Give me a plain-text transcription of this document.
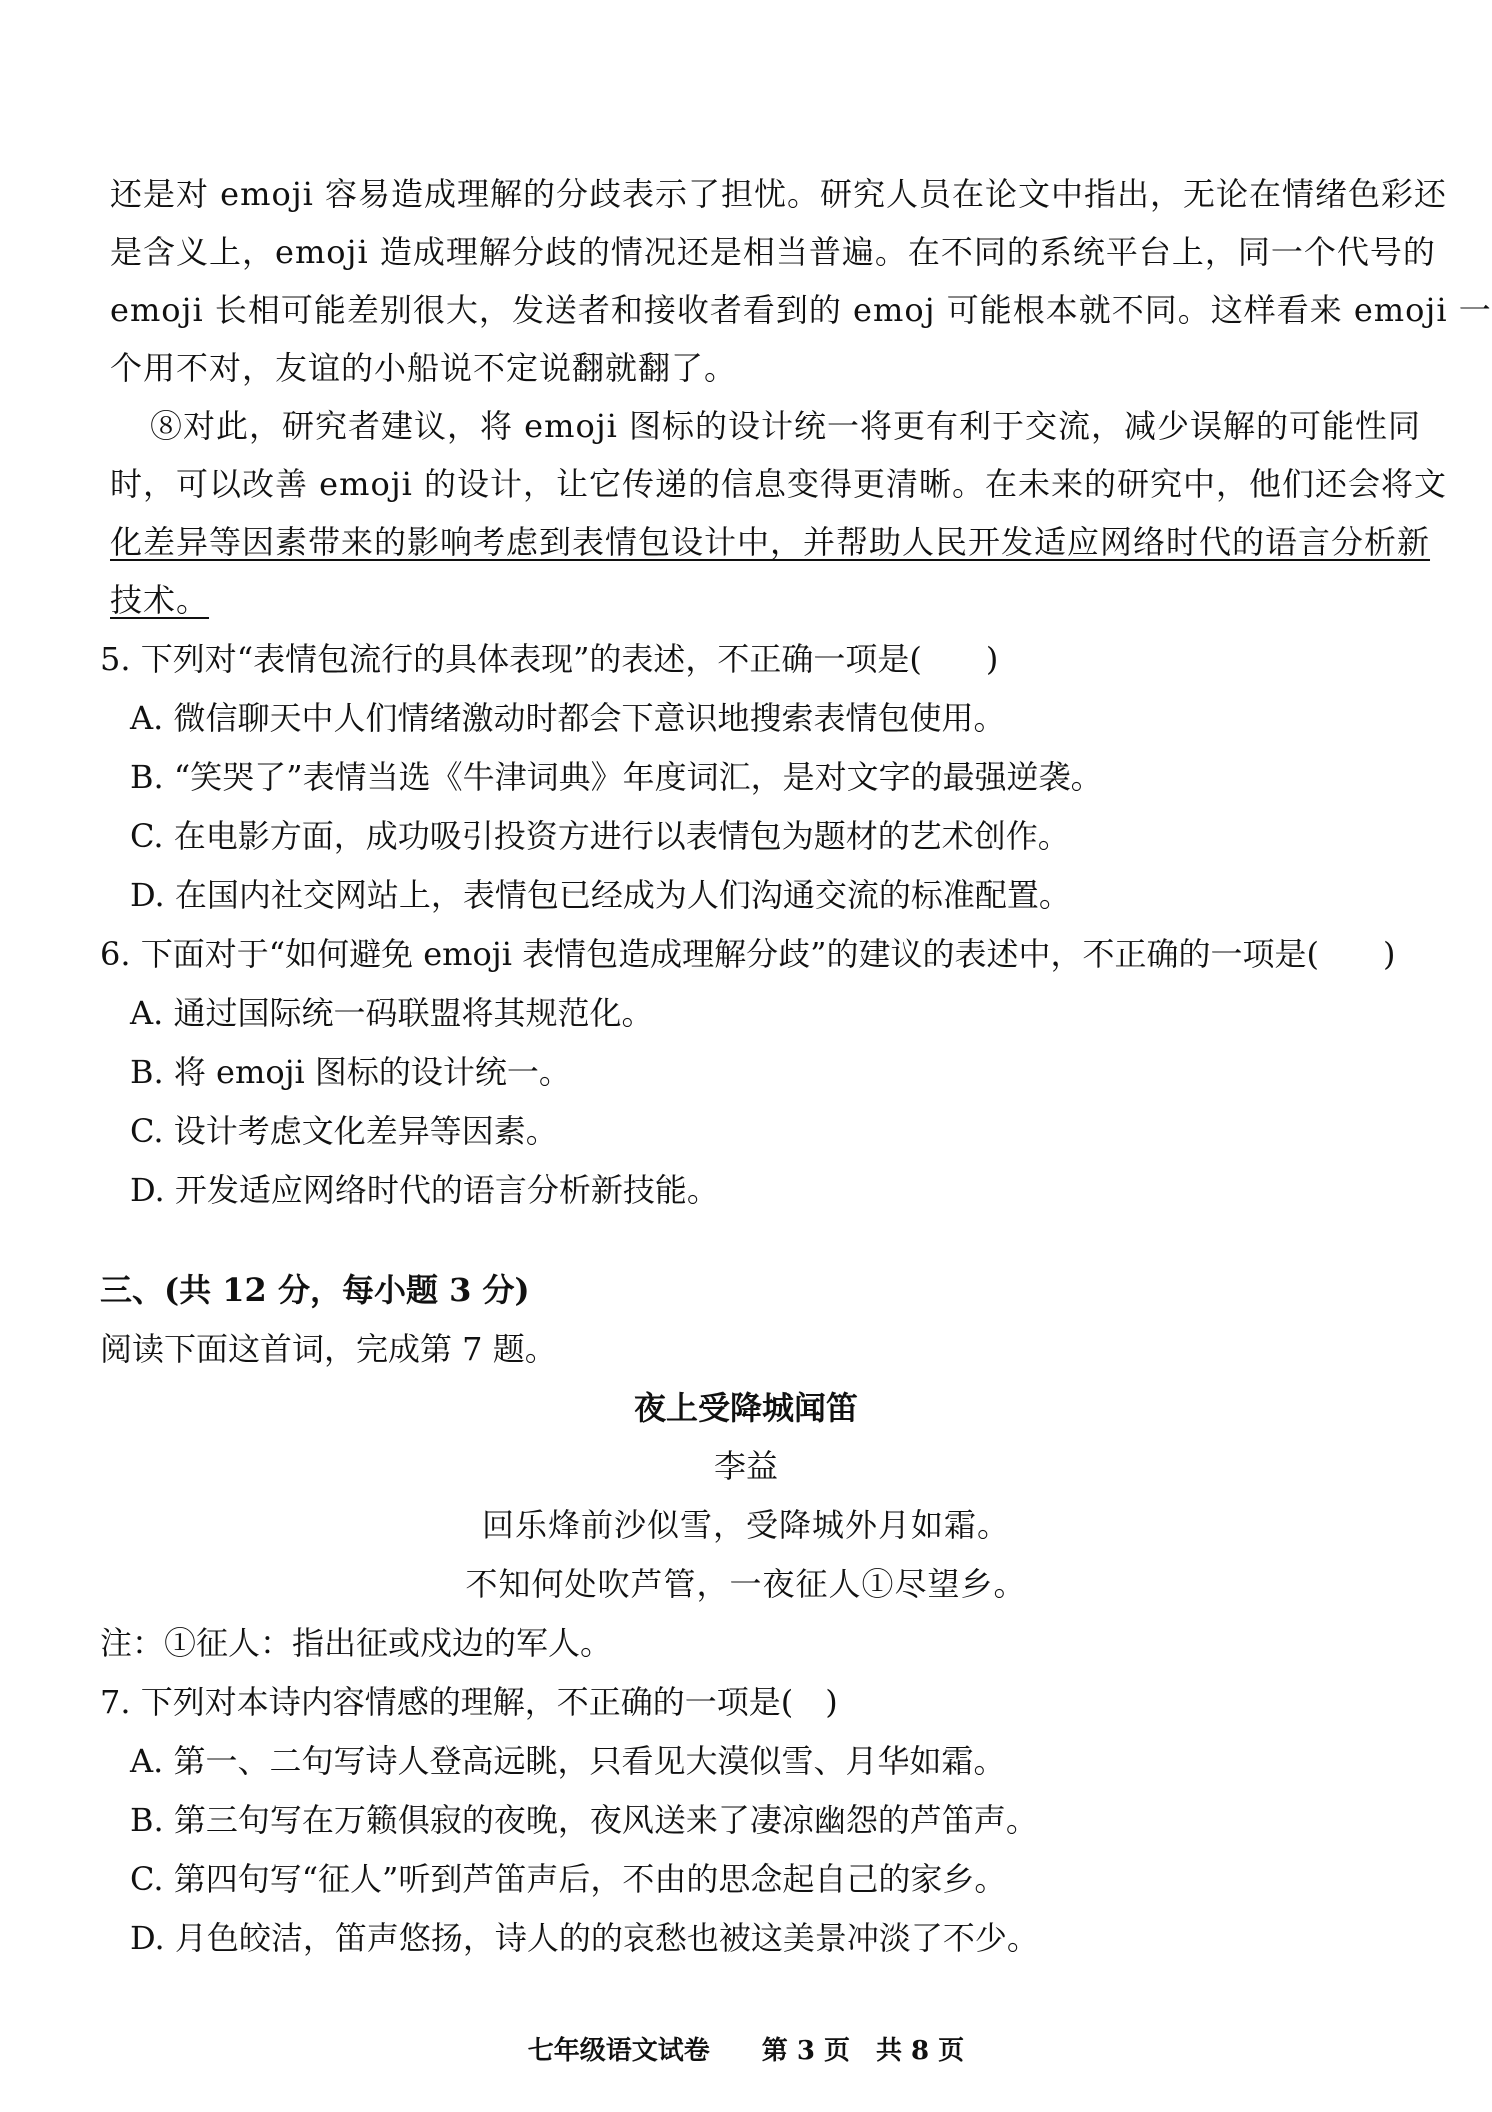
还是对 emoji 容易造成理解的分歧表示了担忧。研究人员在论文中指出，无论在情绪色彩还
是含义上，emoji 造成理解分歧的情况还是相当普遍。在不同的系统平台上，同一个代号的
emoji 长相可能差别很大，发送者和接收者看到的 emoj 可能根本就不同。这样看来 emoji 一
个用不对，友谊的小船说不定说翻就翻了。
⑧对此，研究者建议，将 emoji 图标的设计统一将更有利于交流，减少误解的可能性同
时，可以改善 emoji 的设计，让它传递的信息变得更清晰。在未来的研究中，他们还会将文
化差异等因素带来的影响考虑到表情包设计中，并帮助人民开发适应网络时代的语言分析新
技术。
5. 下列对“表情包流行的具体表现”的表述，不正确一项是(　　)
A. 微信聊天中人们情绪激动时都会下意识地搜索表情包使用。
B. “笑哭了”表情当选《牛津词典》年度词汇，是对文字的最强逆袭。
C. 在电影方面，成功吸引投资方进行以表情包为题材的艺术创作。
D. 在国内社交网站上，表情包已经成为人们沟通交流的标准配置。
6. 下面对于“如何避免 emoji 表情包造成理解分歧”的建议的表述中，不正确的一项是(　　)
A. 通过国际统一码联盟将其规范化。
B. 将 emoji 图标的设计统一。
C. 设计考虑文化差异等因素。
D. 开发适应网络时代的语言分析新技能。
三、(共 12 分，每小题 3 分)
阅读下面这首词，完成第 7 题。
夜上受降城闻笛
李益
回乐烽前沙似雪，受降城外月如霜。
不知何处吹芦管，一夜征人①尽望乡。
注：①征人：指出征或戍边的军人。
7. 下列对本诗内容情感的理解，不正确的一项是(　)
A. 第一、二句写诗人登高远眺，只看见大漠似雪、月华如霜。
B. 第三句写在万籁俱寂的夜晚，夜风送来了凄凉幽怨的芦笛声。
C. 第四句写“征人”听到芦笛声后，不由的思念起自己的家乡。
D. 月色皎洁，笛声悠扬，诗人的的哀愁也被这美景冲淡了不少。
七年级语文试卷　　第 3 页　共 8 页
